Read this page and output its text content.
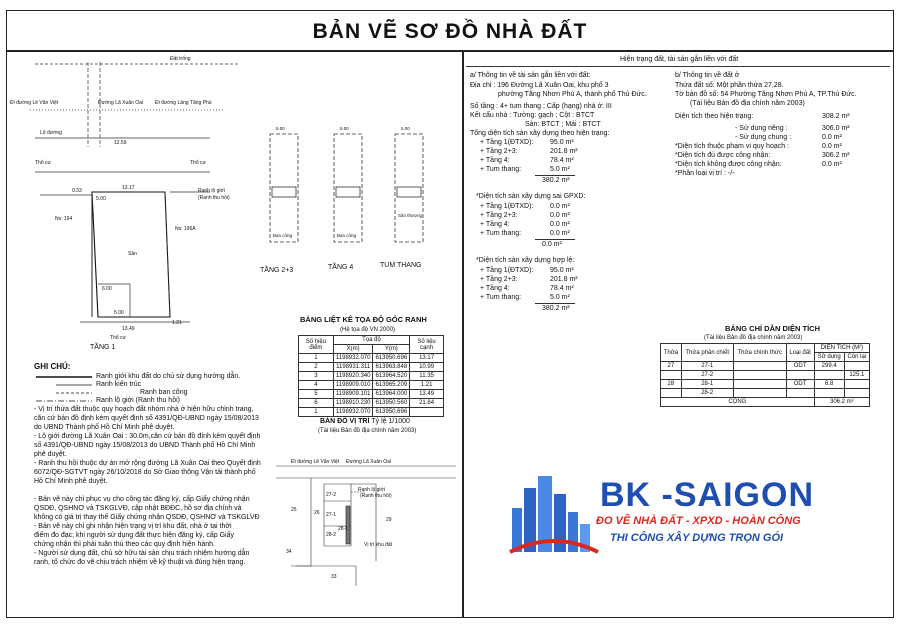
BẢN VẼ SƠ ĐỒ NHÀ ĐẤT
Đất trống
Đi đường Lê Văn Việt	Đường Lã Xuân Oai Đi đường Làng Tăng Phú
Lộ đường
Thổ cư	Thổ cư
12.59
13.17
5.00
0.33	Ranh lộ giới
(Ranh thu hồi)
Ns: 194
Ns: 196A
Sân
6.00
5.00
13.49
1.21
Thổ cư
TẦNG 1
5.00	5.00	5.00
Ban công	Ban công
Sân thượng
TẦNG 2+3	TẦNG 4	TUM THANG
GHI CHÚ:
Ranh giới khu đất do chủ sử dụng hướng dẫn.
Ranh kiến trúc
Ranh ban công
Ranh lộ giới (Ranh thu hồi)
- Vị trí thửa đất thuộc quy hoạch đất nhóm nhà ở hiện hữu chỉnh trang,
căn cứ bản đồ định kèm quyết định số 4391/QĐ-UBND ngày 15/08/2013
do UBND Thành phố Hồ Chí Minh phê duyệt.
- Lộ giới đường Lã Xuân Oai : 30.0m,căn cứ bản đồ đính kèm quyết định
số 4391/QĐ-UBND ngày 15/08/2013 do UBND Thành phố Hồ Chí Minh
phê duyệt.
- Ranh thu hồi thuộc dự án mở rộng đường Lã Xuân Oai theo Quyết định
6072/QĐ-SGTVT ngày 26/10/2018 do Sở Giao thông Vận tải thành phố
Hồ Chí Minh phê duyệt.
- Bản vẽ này chỉ phục vụ cho công tác đăng ký, cấp Giấy chứng nhận
QSDĐ, QSHNƠ và TSKGLVĐ, cập nhật BĐĐC, hồ sơ địa chính và
không có giá trị thay thế Giấy chứng nhận QSDĐ, QSHNƠ và TSKGLVĐ
- Bản vẽ này chỉ ghi nhận hiện trạng vị trí khu đất, nhà ở tại thời
điểm đo đạc; khi người sử dụng đất thực hiện đăng ký, cấp Giấy
chứng nhận thì phải tuân thủ theo các quy định hiện hành.
- Người sử dụng đất, chủ sở hữu tài sản chịu trách nhiệm hướng dẫn
ranh, tổ chức đo vẽ chịu trách nhiệm về kỹ thuật và đúng hiện trạng.
BẢNG LIỆT KÊ TỌA ĐỘ GÓC RANH
(Hệ tọa độ VN 2000)
Số hiệu điểm	Tọa độ		Số liệu cạnh
	X(m)	Y(m)	
1	1198932.070	613950.696	13.17
2	1198931.311	613963.848	10.99
3	1198920.340	613964.520	11.35
4	1198909.010	613965.209	1.21
5	1198909.101	613964.000	13.49
6	1198910.230	613950.560	21.84
1	1198932.070	613950.696	
BẢN ĐỒ VỊ TRÍ Tỷ lệ 1/1000
(Tài liệu Bản đồ địa chính năm 2003)
Đi đường Lê Văn Việt Đường Lã Xuân Oai
27-2
27-1
28-2
28-1
25	26
29
34
33
Ranh lộ giới
(Ranh thu hồi)
Vị trí khu đất
Hiện trạng đất, tài sản gắn liền với đất
a/ Thông tin về tài sản gắn liền với đất:
Địa chỉ : 196 Đường Lã Xuân Oai, khu phố 3
phường Tăng Nhơn Phú A, thành phố Thủ Đức.
Số tầng : 4+ tum thang ; Cấp (hạng) nhà ở: III
Kết cấu nhà : Tường: gạch ; Cột : BTCT
Sàn: BTCT ; Mái : BTCT
Tổng diện tích sàn xây dựng theo hiện trạng:
+ Tầng 1(ĐTXD): 95.0 m²
+ Tầng 2+3:	201.8 m²
+ Tầng 4:	78.4 m²
+ Tum thang:	5.0 m²
380.2 m²
*Diện tích sàn xây dựng sai GPXD:
+ Tầng 1(ĐTXD): 0.0 m²
+ Tầng 2+3:	0.0 m²
+ Tầng 4:	0.0 m²
+ Tum thang:	0.0 m²
0.0 m²
*Diện tích sàn xây dựng hợp lệ:
+ Tầng 1(ĐTXD): 95.0 m²
+ Tầng 2+3:	201.8 m²
+ Tầng 4:	78.4 m²
+ Tum thang:	5.0 m²
380.2 m²
b/ Thông tin về đất ở
Thửa đất số: Một phần thửa 27,28.
Tờ bản đồ số: 54 Phường Tăng Nhơn Phú A, TP.Thủ Đức.
(Tài liệu Bản đồ địa chính năm 2003)
Diện tích theo hiện trạng:	308.2 m²
- Sử dụng riêng :	306.0 m²
- Sử dụng chung :	0.0 m²
*Diện tích thuộc phạm vi quy hoạch :	0.0 m²
*Diện tích đủ được công nhận:	306.2 m²
*Diện tích không được công nhận:	0.0 m²
*Phân loại vị trí : -/-
BẢNG CHỈ DẪN DIỆN TÍCH
(Tài liệu Bản đồ địa chính năm 2003)
Thửa	Thửa phân chiết	Thửa chính thức	Loại đất	DIỆN TÍCH (M²)	
				Sử dụng	Còn lại
27	27-1		ODT	299.4	
	27-2				125.1
28	28-1		ODT	6.8	
	28-2				
CỘNG				306.2 m²	
BK -SAIGON
ĐO VẼ NHÀ ĐẤT - XPXD - HOÀN CÔNG
THI CÔNG XÂY DỰNG TRỌN GÓI
